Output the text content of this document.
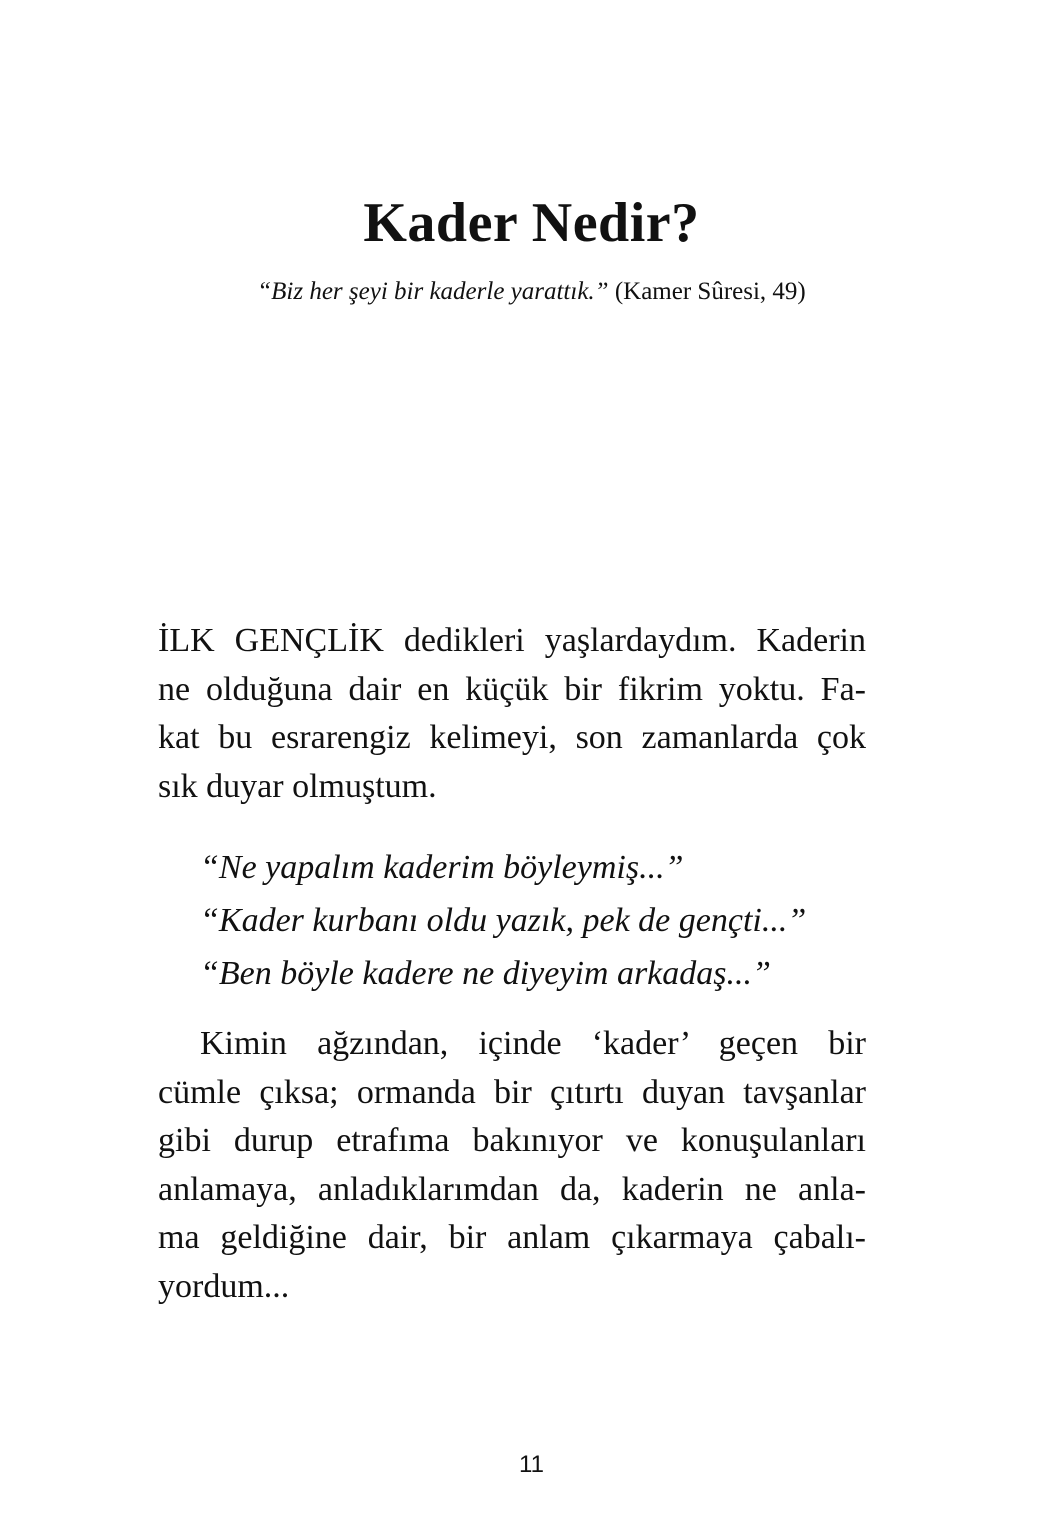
Kader Nedir?

“Biz her şeyi bir kaderle yarattık.” (Kamer Sûresi, 49)

İLK GENÇLİK dedikleri yaşlardaydım. Kaderin
ne olduğuna dair en küçük bir fikrim yoktu. Fa-
kat bu esrarengiz kelimeyi, son zamanlarda çok
sık duyar olmuştum.

“Ne yapalım kaderim böyleymiş...”
“Kader kurbanı oldu yazık, pek de gençti...”
“Ben böyle kadere ne diyeyim arkadaş...”

Kimin ağzından, içinde ‘kader’ geçen bir
cümle çıksa; ormanda bir çıtırtı duyan tavşanlar
gibi durup etrafıma bakınıyor ve konuşulanları
anlamaya, anladıklarımdan da, kaderin ne anla-
ma geldiğine dair, bir anlam çıkarmaya çabalı-
yordum...

11
